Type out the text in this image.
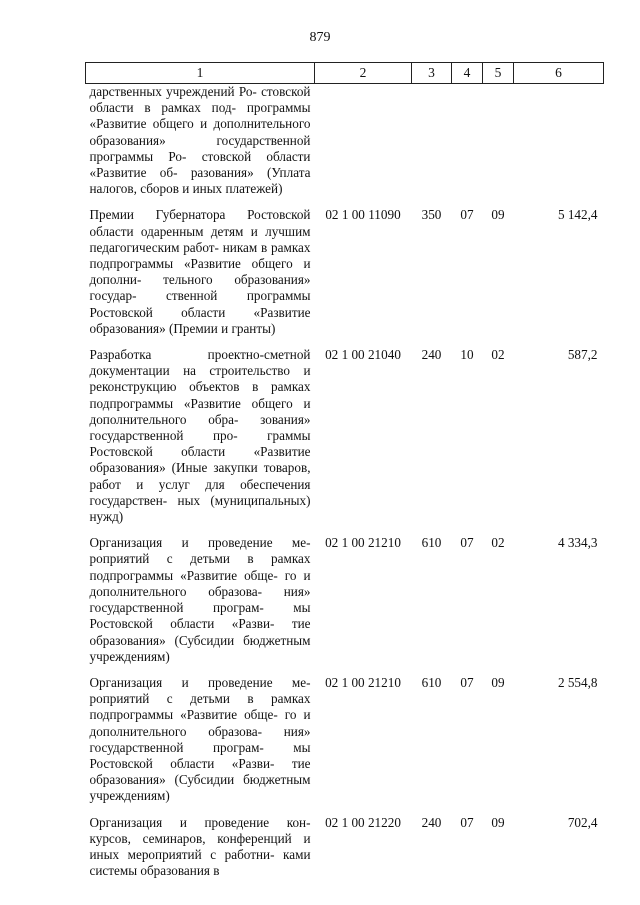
879
1	2	3	4	5	6
дарственных учреждений Ро- стовской области в рамках под- программы «Развитие общего и дополнительного образования» государственной программы Ро- стовской области «Развитие об- разования» (Уплата налогов, сборов и иных платежей)					
Премии Губернатора Ростовской области одаренным детям и лучшим педагогическим работ- никам в рамках подпрограммы «Развитие общего и дополни- тельного образования» государ- ственной программы Ростовской области «Развитие образования» (Премии и гранты)	02 1 00 11090	350	07	09	5 142,4
Разработка проектно-сметной документации на строительство и реконструкцию объектов в рамках подпрограммы «Развитие общего и дополнительного обра- зования» государственной про- граммы Ростовской области «Развитие образования» (Иные закупки товаров, работ и услуг для обеспечения государствен- ных (муниципальных) нужд)	02 1 00 21040	240	10	02	587,2
Организация и проведение ме- роприятий с детьми в рамках подпрограммы «Развитие обще- го и дополнительного образова- ния» государственной програм- мы Ростовской области «Разви- тие образования» (Субсидии бюджетным учреждениям)	02 1 00 21210	610	07	02	4 334,3
Организация и проведение ме- роприятий с детьми в рамках подпрограммы «Развитие обще- го и дополнительного образова- ния» государственной програм- мы Ростовской области «Разви- тие образования» (Субсидии бюджетным учреждениям)	02 1 00 21210	610	07	09	2 554,8
Организация и проведение кон- курсов, семинаров, конференций и иных мероприятий с работни- ками системы образования в	02 1 00 21220	240	07	09	702,4
